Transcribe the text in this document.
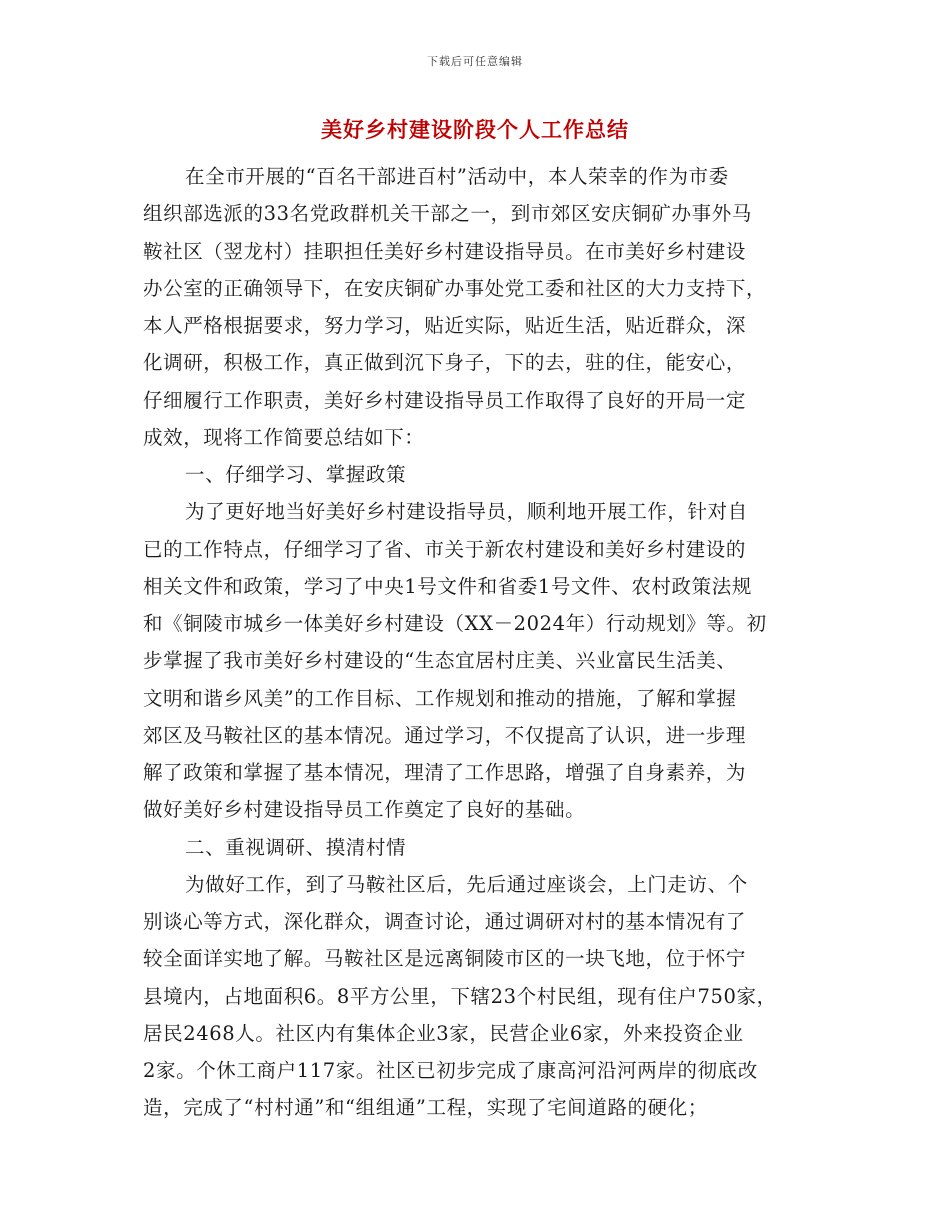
下载后可任意编辑
美好乡村建设阶段个人工作总结
在全市开展的“百名干部进百村”活动中，本人荣幸的作为市委
组织部选派的33名党政群机关干部之一，到市郊区安庆铜矿办事外马
鞍社区（翌龙村）挂职担任美好乡村建设指导员。在市美好乡村建设
办公室的正确领导下，在安庆铜矿办事处党工委和社区的大力支持下，
本人严格根据要求，努力学习，贴近实际，贴近生活，贴近群众，深
化调研，积极工作，真正做到沉下身子，下的去，驻的住，能安心，
仔细履行工作职责，美好乡村建设指导员工作取得了良好的开局一定
成效，现将工作简要总结如下：
一、仔细学习、掌握政策
为了更好地当好美好乡村建设指导员，顺利地开展工作，针对自
已的工作特点，仔细学习了省、市关于新农村建设和美好乡村建设的
相关文件和政策，学习了中央1号文件和省委1号文件、农村政策法规
和《铜陵市城乡一体美好乡村建设（XX－2024年）行动规划》等。初
步掌握了我市美好乡村建设的“生态宜居村庄美、兴业富民生活美、
文明和谐乡风美”的工作目标、工作规划和推动的措施，了解和掌握
郊区及马鞍社区的基本情况。通过学习，不仅提高了认识，进一步理
解了政策和掌握了基本情况，理清了工作思路，增强了自身素养，为
做好美好乡村建设指导员工作奠定了良好的基础。
二、重视调研、摸清村情
为做好工作，到了马鞍社区后，先后通过座谈会，上门走访、个
别谈心等方式，深化群众，调查讨论，通过调研对村的基本情况有了
较全面详实地了解。马鞍社区是远离铜陵市区的一块飞地，位于怀宁
县境内，占地面积6。8平方公里，下辖23个村民组，现有住户750家，
居民2468人。社区内有集体企业3家，民营企业6家，外来投资企业
2家。个休工商户117家。社区已初步完成了康高河沿河两岸的彻底改
造，完成了“村村通”和“组组通”工程，实现了宅间道路的硬化；
